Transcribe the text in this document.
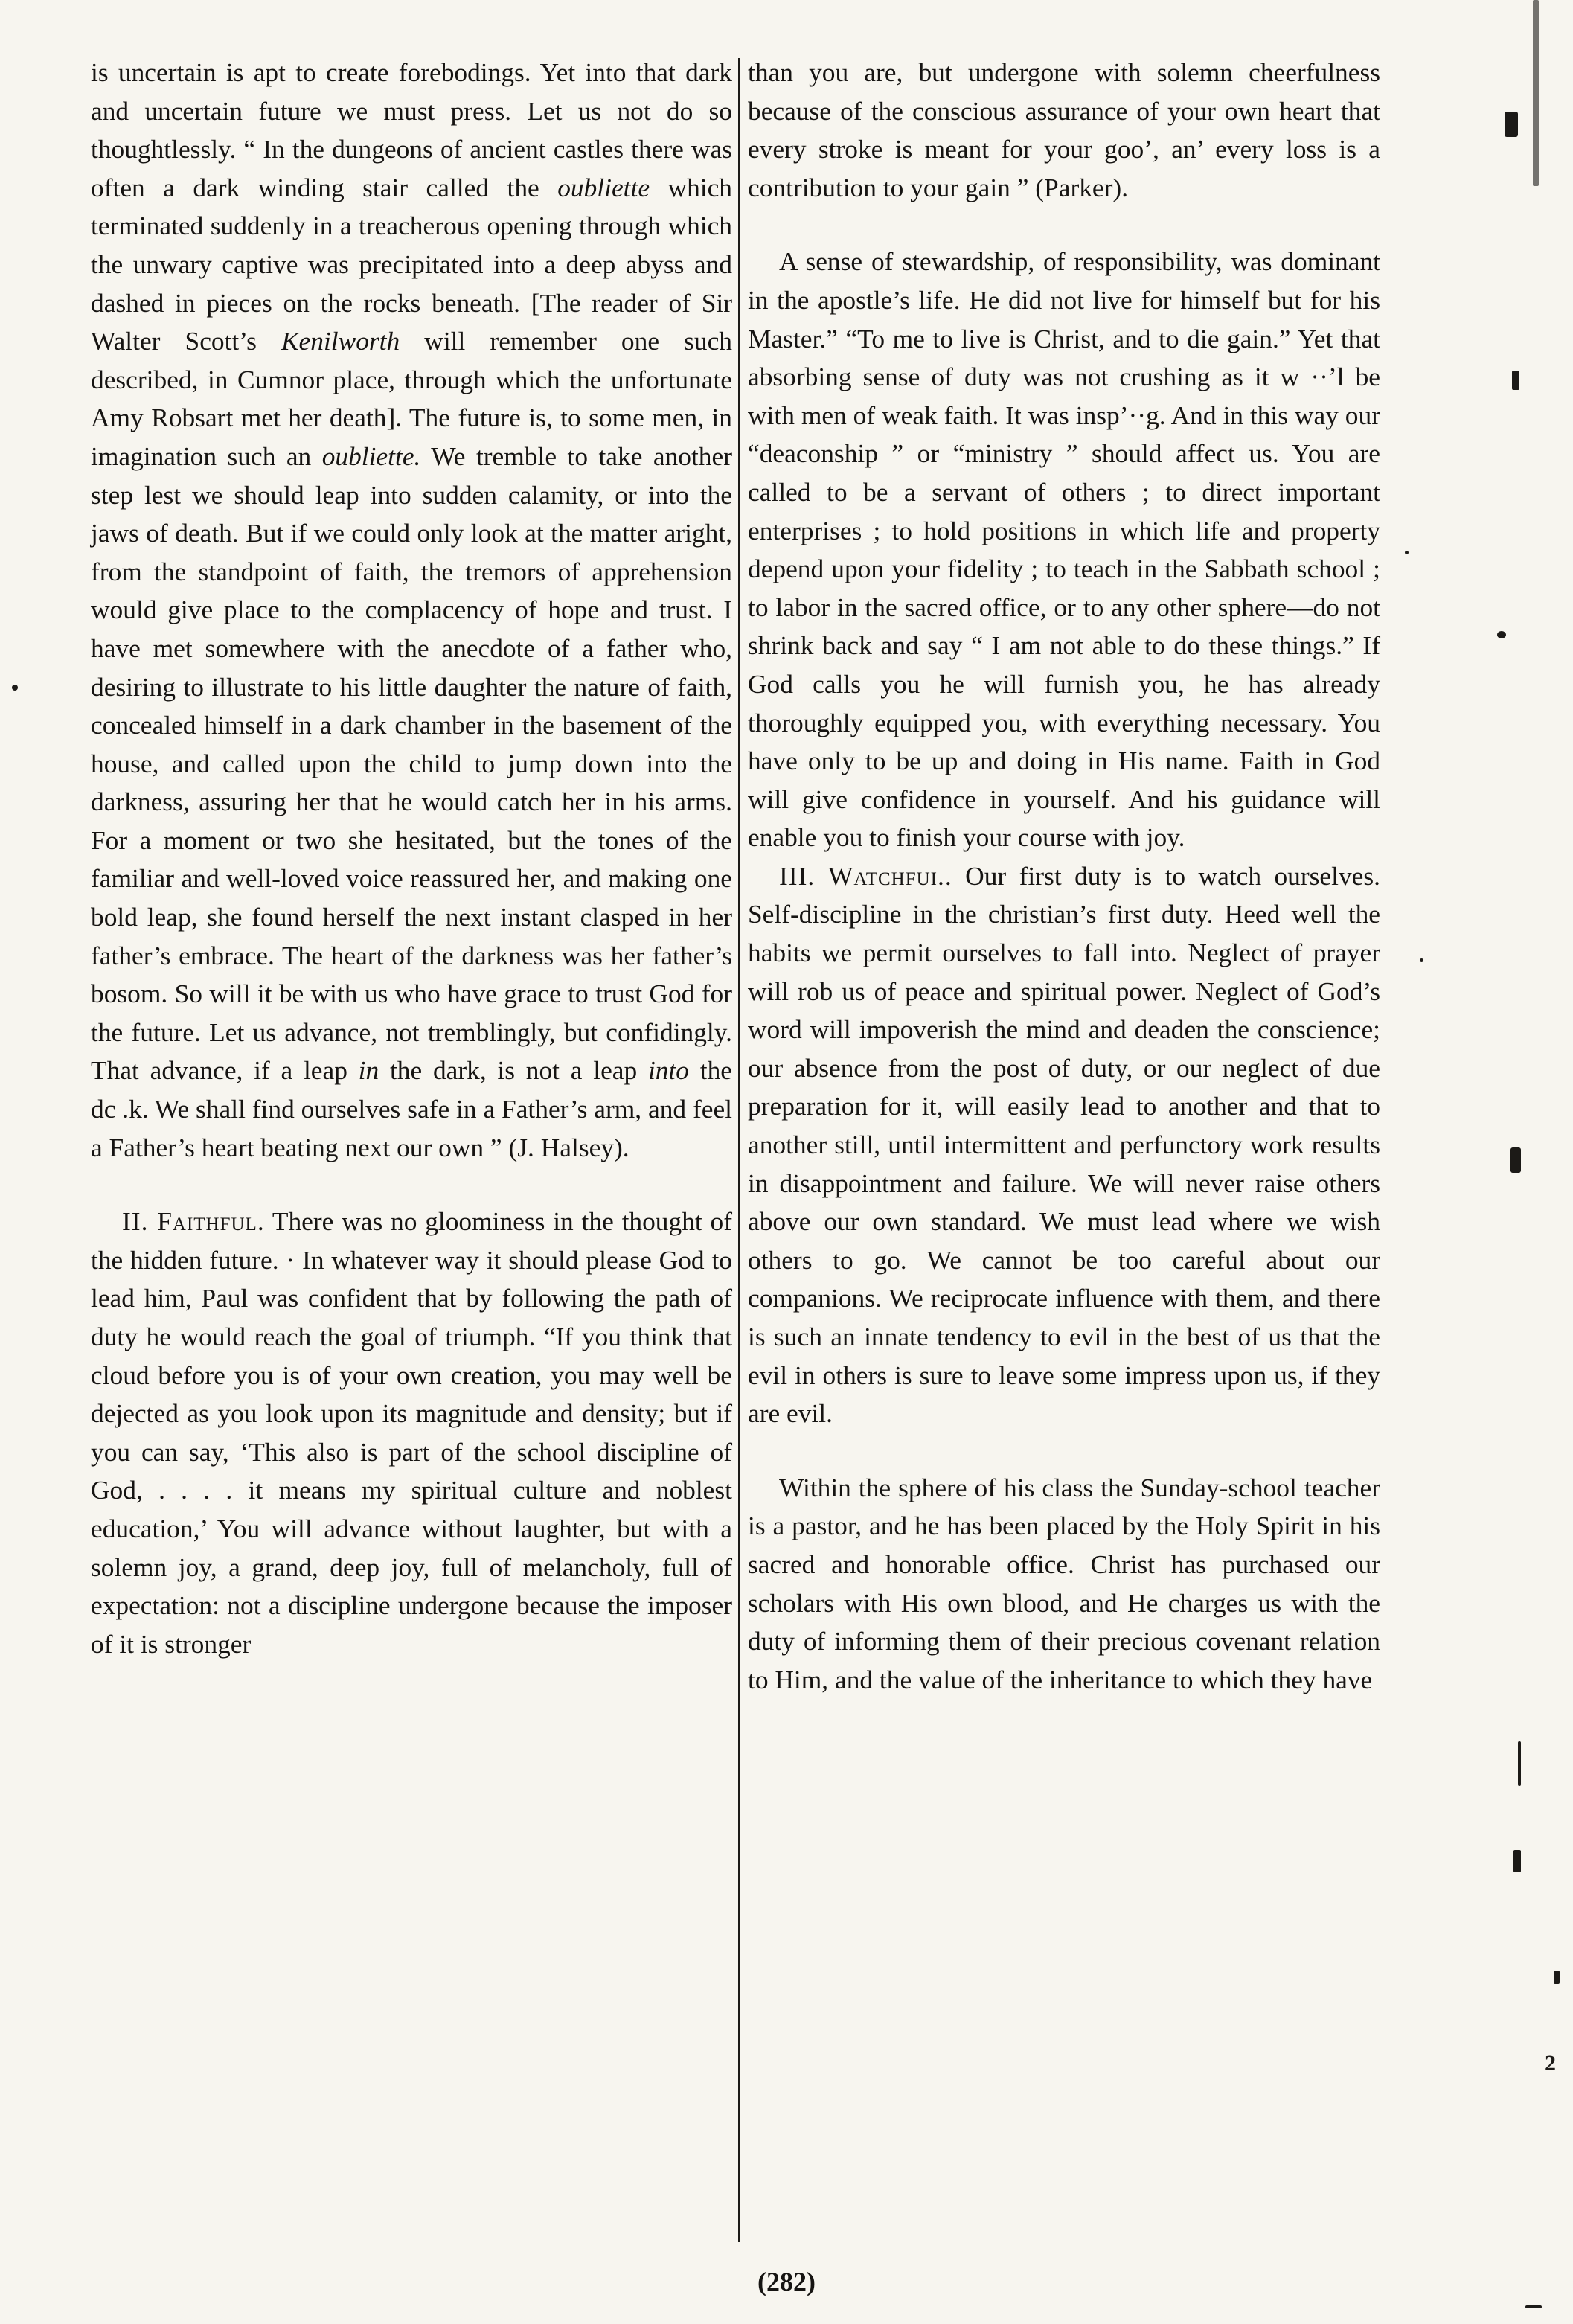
is uncertain is apt to create forebodings. Yet into that dark and uncertain future we must press. Let us not do so thoughtlessly. “ In the dungeons of ancient castles there was often a dark winding stair called the oubliette which terminated suddenly in a treacherous opening through which the unwary captive was precipitated into a deep abyss and dashed in pieces on the rocks beneath. [The reader of Sir Walter Scott’s Kenilworth will remember one such described, in Cumnor place, through which the unfortunate Amy Robsart met her death]. The future is, to some men, in imagination such an oubliette. We tremble to take another step lest we should leap into sudden calamity, or into the jaws of death. But if we could only look at the matter aright, from the standpoint of faith, the tremors of apprehension would give place to the complacency of hope and trust. I have met somewhere with the anecdote of a father who, desiring to illustrate to his little daughter the nature of faith, concealed himself in a dark chamber in the basement of the house, and called upon the child to jump down into the darkness, assuring her that he would catch her in his arms. For a moment or two she hesitated, but the tones of the familiar and well-loved voice reassured her, and making one bold leap, she found herself the next instant clasped in her father’s embrace. The heart of the darkness was her father’s bosom. So will it be with us who have grace to trust God for the future. Let us advance, not tremblingly, but confidingly. That advance, if a leap in the dark, is not a leap into the dc .k. We shall find ourselves safe in a Father’s arm, and feel a Father’s heart beating next our own ” (J. Halsey).

II. Faithful. There was no gloominess in the thought of the hidden future. · In whatever way it should please God to lead him, Paul was confident that by following the path of duty he would reach the goal of triumph. “If you think that cloud before you is of your own creation, you may well be dejected as you look upon its magnitude and density; but if you can say, ‘This also is part of the school discipline of God, . . . . it means my spiritual culture and noblest education,’ You will advance without laughter, but with a solemn joy, a grand, deep joy, full of melancholy, full of expectation: not a discipline undergone because the imposer of it is stronger

than you are, but undergone with solemn cheerfulness because of the conscious assurance of your own heart that every stroke is meant for your goo’, an’ every loss is a contribution to your gain ” (Parker).

A sense of stewardship, of responsibility, was dominant in the apostle’s life. He did not live for himself but for his Master.” “To me to live is Christ, and to die gain.” Yet that absorbing sense of duty was not crushing as it w ··’l be with men of weak faith. It was insp’··g. And in this way our “deaconship ” or “ministry ” should affect us. You are called to be a servant of others ; to direct important enterprises ; to hold positions in which life and property depend upon your fidelity ; to teach in the Sabbath school ; to labor in the sacred office, or to any other sphere—do not shrink back and say “ I am not able to do these things.” If God calls you he will furnish you, he has already thoroughly equipped you, with everything necessary. You have only to be up and doing in His name. Faith in God will give confidence in yourself. And his guidance will enable you to finish your course with joy.

III. Watchfui.. Our first duty is to watch ourselves. Self-discipline in the christian’s first duty. Heed well the habits we permit ourselves to fall into. Neglect of prayer will rob us of peace and spiritual power. Neglect of God’s word will impoverish the mind and deaden the conscience; our absence from the post of duty, or our neglect of due preparation for it, will easily lead to another and that to another still, until intermittent and perfunctory work results in disappointment and failure. We will never raise others above our own standard. We must lead where we wish others to go. We cannot be too careful about our companions. We reciprocate influence with them, and there is such an innate tendency to evil in the best of us that the evil in others is sure to leave some impress upon us, if they are evil.

Within the sphere of his class the Sunday-school teacher is a pastor, and he has been placed by the Holy Spirit in his sacred and honorable office. Christ has purchased our scholars with His own blood, and He charges us with the duty of informing them of their precious covenant relation to Him, and the value of the inheritance to which they have

(282)
2
